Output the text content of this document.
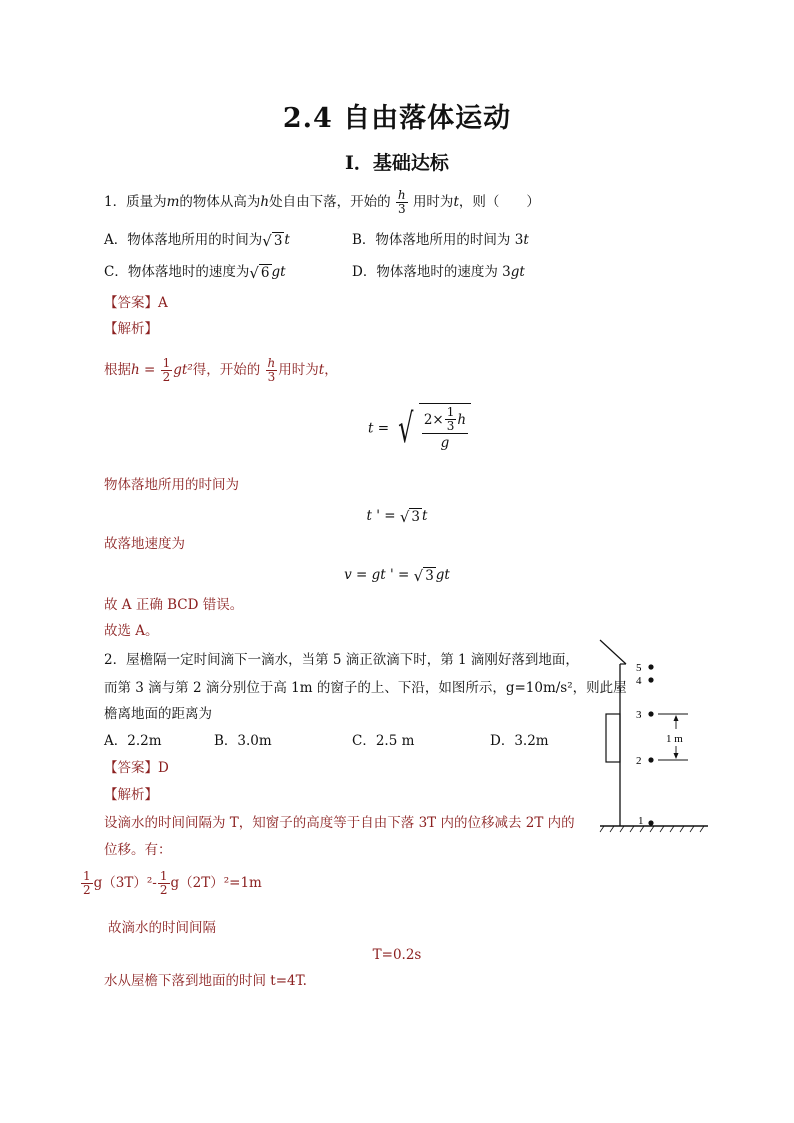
2.4 自由落体运动
Ⅰ．基础达标
1．质量为m的物体从高为h处自由下落，开始的 $\frac{h}{3}$ 用时为t，则（　　）
A．物体落地所用的时间为 √ 3 t	B．物体落地所用的时间为 3t
C．物体落地时的速度为 √ 6 gt	D．物体落地时的速度为 3gt
【答案】A
【解析】
根据$h = \frac{1}{2} gt^2$得，开始的 $\frac{h}{3}$ 用时为t，
t = √ $2\times \frac{1}{3}$ h
g
物体落地所用的时间为
t ' = √ 3 t
故落地速度为
v = gt ' = √ 3 gt
故 A 正确 BCD 错误。
故选 A。
2．屋檐隔一定时间滴下一滴水，当第 5 滴正欲滴下时，第 1 滴刚好落到地面，
而第 3 滴与第 2 滴分别位于高 1m 的窗子的上、下沿，如图所示，g=10m/s²，则此屋
檐离地面的距离为
A．2.2m	B．3.0m	C．2.5 m	D．3.2m
【答案】D
【解析】
设滴水的时间间隔为 T，知窗子的高度等于自由下落 3T 内的位移减去 2T 内的
位移。有：
$\frac{1}{2} g(3T)^2- \frac{1}{2} g(2T)^2=1m$
故滴水的时间间隔
T=0.2s
水从屋檐下落到地面的时间 t=4T.
5
4
3
2
1
1 m
